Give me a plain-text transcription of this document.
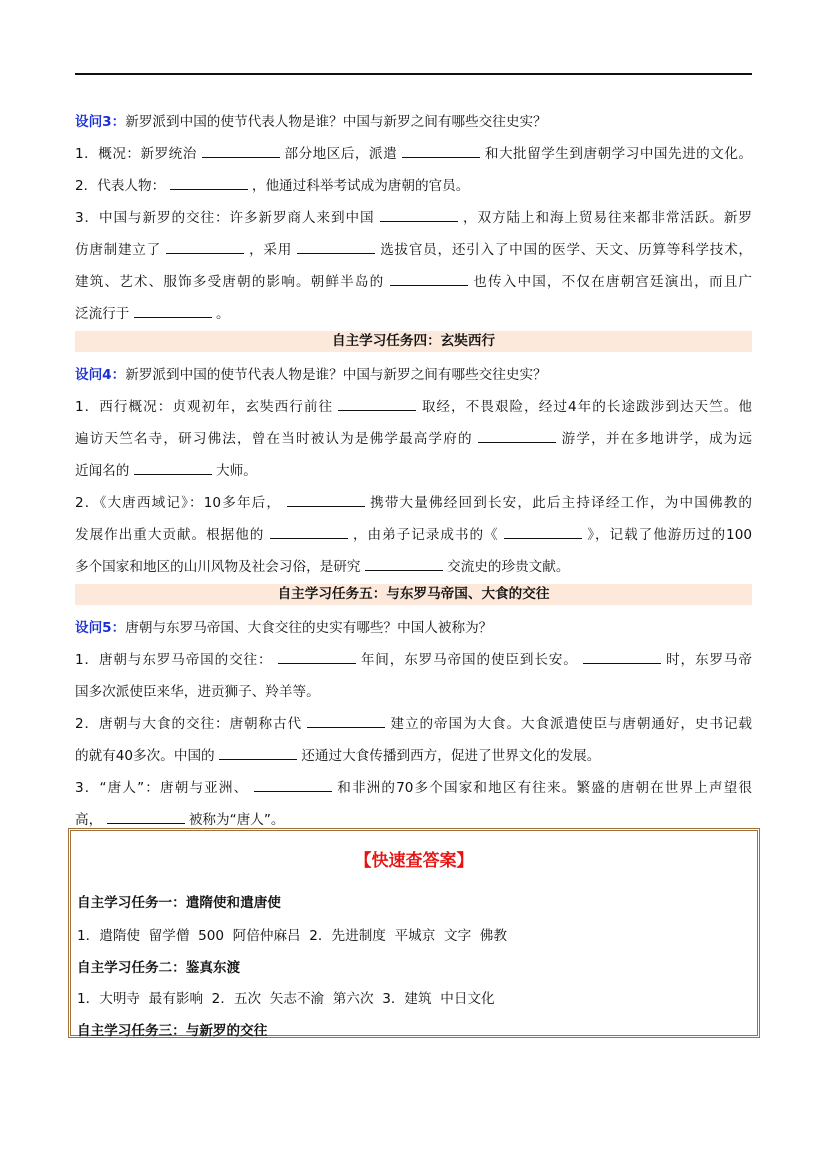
设问3：新罗派到中国的使节代表人物是谁？中国与新罗之间有哪些交往史实？
1．概况：新罗统治	部分地区后，派遣	和大批留学生到唐朝学习中国先进的文化。
2．代表人物：	，他通过科举考试成为唐朝的官员。
3．中国与新罗的交往：许多新罗商人来到中国	，双方陆上和海上贸易往来都非常活跃。新罗
仿唐制建立了	，采用	选拔官员，还引入了中国的医学、天文、历算等科学技术，
建筑、艺术、服饰多受唐朝的影响。朝鲜半岛的	也传入中国，不仅在唐朝宫廷演出，而且广
泛流行于	。
自主学习任务四：玄奘西行
设问4：新罗派到中国的使节代表人物是谁？中国与新罗之间有哪些交往史实？
1．西行概况：贞观初年，玄奘西行前往	取经，不畏艰险，经过4年的长途跋涉到达天竺。他
遍访天竺名寺，研习佛法，曾在当时被认为是佛学最高学府的	游学，并在多地讲学，成为远
近闻名的	大师。
2．《大唐西域记》：10多年后，	携带大量佛经回到长安，此后主持译经工作，为中国佛教的
发展作出重大贡献。根据他的	，由弟子记录成书的《	》，记载了他游历过的100
多个国家和地区的山川风物及社会习俗，是研究	交流史的珍贵文献。
自主学习任务五：与东罗马帝国、大食的交往
设问5：唐朝与东罗马帝国、大食交往的史实有哪些？中国人被称为？
1．唐朝与东罗马帝国的交往：	年间，东罗马帝国的使臣到长安。	时，东罗马帝
国多次派使臣来华，进贡狮子、羚羊等。
2．唐朝与大食的交往：唐朝称古代	建立的帝国为大食。大食派遣使臣与唐朝通好，史书记载
的就有40多次。中国的	还通过大食传播到西方，促进了世界文化的发展。
3．“唐人”：唐朝与亚洲、	和非洲的70多个国家和地区有往来。繁盛的唐朝在世界上声望很
高，	被称为“唐人”。
【快速查答案】
自主学习任务一：遣隋使和遣唐使
1．遣隋使  留学僧  500  阿倍仲麻吕  2．先进制度  平城京  文字  佛教
自主学习任务二：鉴真东渡
1．大明寺  最有影响  2．五次  矢志不渝  第六次  3．建筑  中日文化
自主学习任务三：与新罗的交往
